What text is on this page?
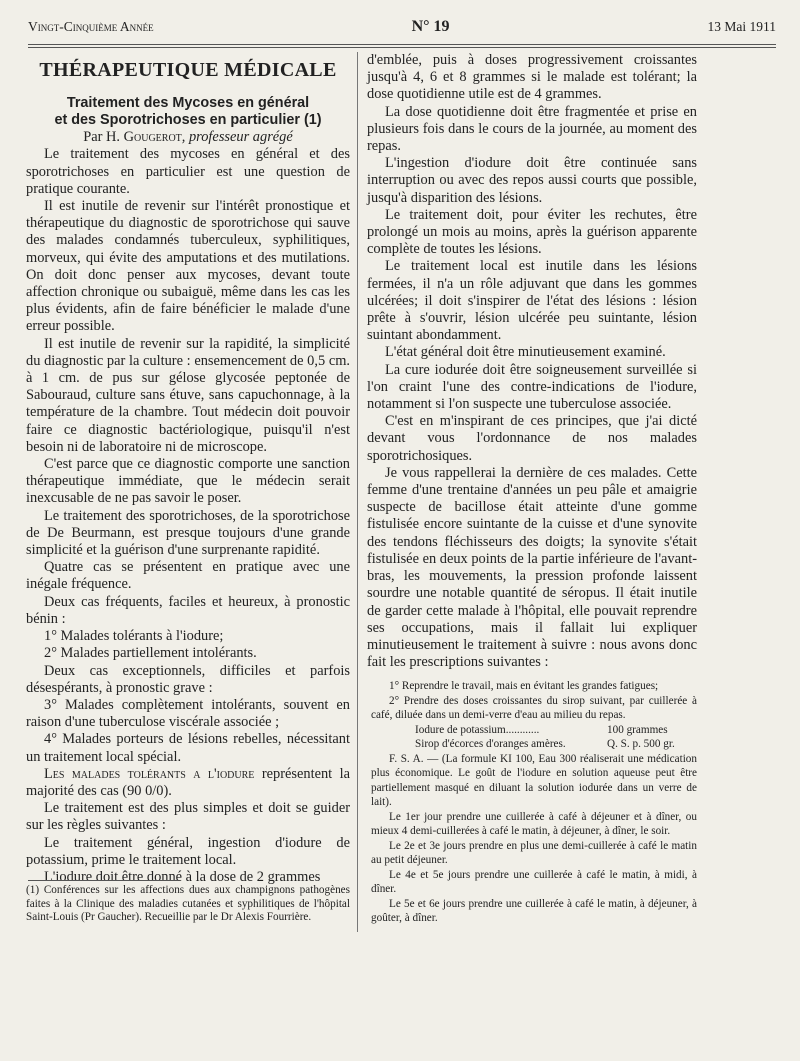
Vingt-Cinquième Année	N° 19	13 Mai 1911

THÉRAPEUTIQUE MÉDICALE

Traitement des Mycoses en général

et des Sporotrichoses en particulier (1)

Par H. Gougerot, professeur agrégé

Le traitement des mycoses en général et des sporotrichoses en particulier est une question de pratique courante.

Il est inutile de revenir sur l'intérêt pronostique et thérapeutique du diagnostic de sporotrichose qui sauve des malades condamnés tuberculeux, syphilitiques, morveux, qui évite des amputations et des mutilations. On doit donc penser aux mycoses, devant toute affection chronique ou subaiguë, même dans les cas les plus évidents, afin de faire bénéficier le malade d'une erreur possible.

Il est inutile de revenir sur la rapidité, la simplicité du diagnostic par la culture : ensemencement de 0,5 cm. à 1 cm. de pus sur gélose glycosée peptonée de Sabouraud, culture sans étuve, sans capuchonnage, à la température de la chambre. Tout médecin doit pouvoir faire ce diagnostic bactériologique, puisqu'il n'est besoin ni de laboratoire ni de microscope.

C'est parce que ce diagnostic comporte une sanction thérapeutique immédiate, que le médecin serait inexcusable de ne pas savoir le poser.

Le traitement des sporotrichoses, de la sporotrichose de De Beurmann, est presque toujours d'une grande simplicité et la guérison d'une surprenante rapidité.

Quatre cas se présentent en pratique avec une inégale fréquence.

Deux cas fréquents, faciles et heureux, à pronostic bénin :

1° Malades tolérants à l'iodure;

2° Malades partiellement intolérants.

Deux cas exceptionnels, difficiles et parfois désespérants, à pronostic grave :

3° Malades complètement intolérants, souvent en raison d'une tuberculose viscérale associée ;

4° Malades porteurs de lésions rebelles, nécessitant un traitement local spécial.

Les malades tolérants a l'iodure représentent la majorité des cas (90 0/0).

Le traitement est des plus simples et doit se guider sur les règles suivantes :

Le traitement général, ingestion d'iodure de potassium, prime le traitement local.

L'iodure doit être donné à la dose de 2 grammes

d'emblée, puis à doses progressivement croissantes jusqu'à 4, 6 et 8 grammes si le malade est tolérant; la dose quotidienne utile est de 4 grammes.

La dose quotidienne doit être fragmentée et prise en plusieurs fois dans le cours de la journée, au moment des repas.

L'ingestion d'iodure doit être continuée sans interruption ou avec des repos aussi courts que possible, jusqu'à disparition des lésions.

Le traitement doit, pour éviter les rechutes, être prolongé un mois au moins, après la guérison apparente complète de toutes les lésions.

Le traitement local est inutile dans les lésions fermées, il n'a un rôle adjuvant que dans les gommes ulcérées; il doit s'inspirer de l'état des lésions : lésion prête à s'ouvrir, lésion ulcérée peu suintante, lésion suintant abondamment.

L'état général doit être minutieusement examiné.

La cure iodurée doit être soigneusement surveillée si l'on craint l'une des contre-indications de l'iodure, notamment si l'on suspecte une tuberculose associée.

C'est en m'inspirant de ces principes, que j'ai dicté devant vous l'ordonnance de nos malades sporotrichosiques.

Je vous rappellerai la dernière de ces malades. Cette femme d'une trentaine d'années un peu pâle et amaigrie suspecte de bacillose était atteinte d'une gomme fistulisée encore suintante de la cuisse et d'une synovite des tendons fléchisseurs des doigts; la synovite s'était fistulisée en deux points de la partie inférieure de l'avant-bras, les mouvements, la pression profonde laissent sourdre une notable quantité de séropus. Il était inutile de garder cette malade à l'hôpital, elle pouvait reprendre ses occupations, mais il fallait lui expliquer minutieusement le traitement à suivre : nous avons donc fait les prescriptions suivantes :

1° Reprendre le travail, mais en évitant les grandes fatigues;

2° Prendre des doses croissantes du sirop suivant, par cuillerée à café, diluée dans un demi-verre d'eau au milieu du repas.

Iodure de potassium............	100 grammes
Sirop d'écorces d'oranges amères.	Q. S. p. 500 gr.

F. S. A. — (La formule KI 100, Eau 300 réaliserait une médication plus économique. Le goût de l'iodure en solution aqueuse peut être partiellement masqué en diluant la solution iodurée dans un verre de lait).

Le 1er jour prendre une cuillerée à café à déjeuner et à dîner, ou mieux 4 demi-cuillerées à café le matin, à déjeuner, à dîner, le soir.

Le 2e et 3e jours prendre en plus une demi-cuillerée à café le matin au petit déjeuner.

Le 4e et 5e jours prendre une cuillerée à café le matin, à midi, à dîner.

Le 5e et 6e jours prendre une cuillerée à café le matin, à déjeuner, à goûter, à dîner.

(1) Conférences sur les affections dues aux champignons pathogènes faites à la Clinique des maladies cutanées et syphilitiques de l'hôpital Saint-Louis (Pr Gaucher). Recueillie par le Dr Alexis Fourrière.
